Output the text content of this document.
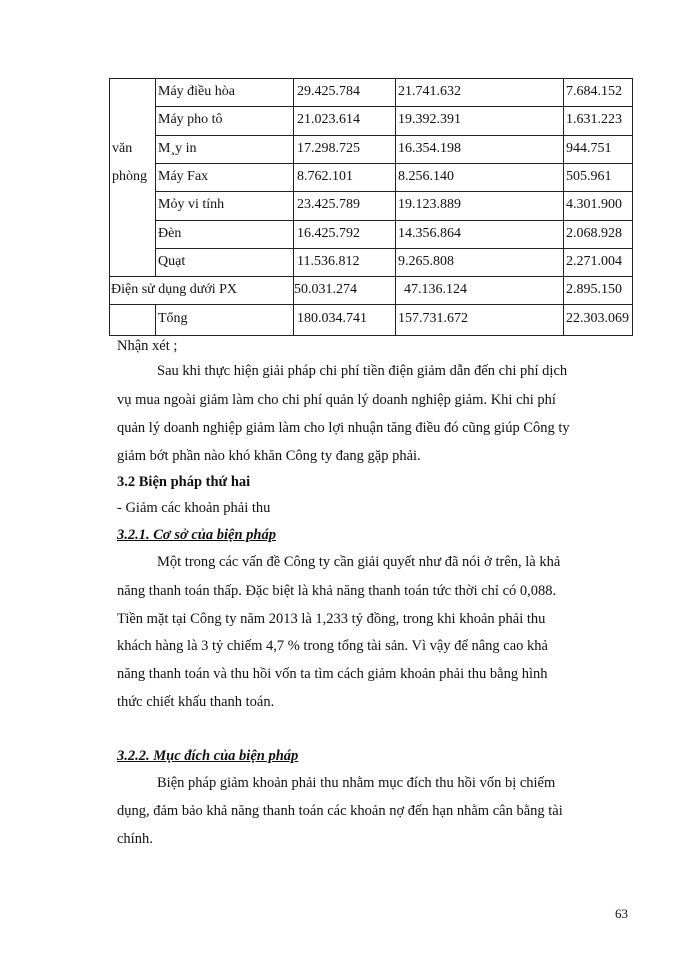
văn
phòng
Máy điều hòa	29.425.784	21.741.632	7.684.152
Máy pho tô	21.023.614	19.392.391	1.631.223
M¸y in	17.298.725	16.354.198	944.751
Máy Fax	8.762.101	8.256.140	505.961
Mỏy vi tính	23.425.789	19.123.889	4.301.900
Đèn	16.425.792	14.356.864	2.068.928
Quạt	11.536.812	9.265.808	2.271.004
Điện sử dụng dưới PX	50.031.274	47.136.124	2.895.150
Tổng	180.034.741 157.731.672	22.303.069
Nhận xét ;
Sau khi thực hiện giải pháp chi phí tiền điện giảm dẫn đến chi phí dịch
vụ mua ngoài giảm làm cho chi phí quản lý doanh nghiệp giảm. Khi chi phí
quản lý doanh nghiệp giảm làm cho lợi nhuận tăng điều đó cũng giúp Công ty
giảm bớt phần nào khó khăn Công ty đang gặp phải.
3.2 Biện pháp thứ hai
- Giảm các khoản phải thu
3.2.1. Cơ sở của biện pháp
Một trong các vấn đề Công ty cần giải quyết như đã nói ở trên, là khả
năng thanh toán thấp. Đặc biệt là khả năng thanh toán tức thời chỉ có 0,088.
Tiền mặt tại Công ty năm 2013 là 1,233 tỷ đồng, trong khi khoản phải thu
khách hàng là 3 tỷ chiếm 4,7 % trong tổng tài sản. Vì vậy để nâng cao khả
năng thanh toán và thu hồi vốn ta tìm cách giảm khoản phải thu bằng hình
thức chiết khấu thanh toán.
3.2.2. Mục đích của biện pháp
Biện pháp giảm khoản phải thu nhằm mục đích thu hồi vốn bị chiếm
dụng, đảm bảo khả năng thanh toán các khoản nợ đến hạn nhằm cân bằng tài
chính.
63
